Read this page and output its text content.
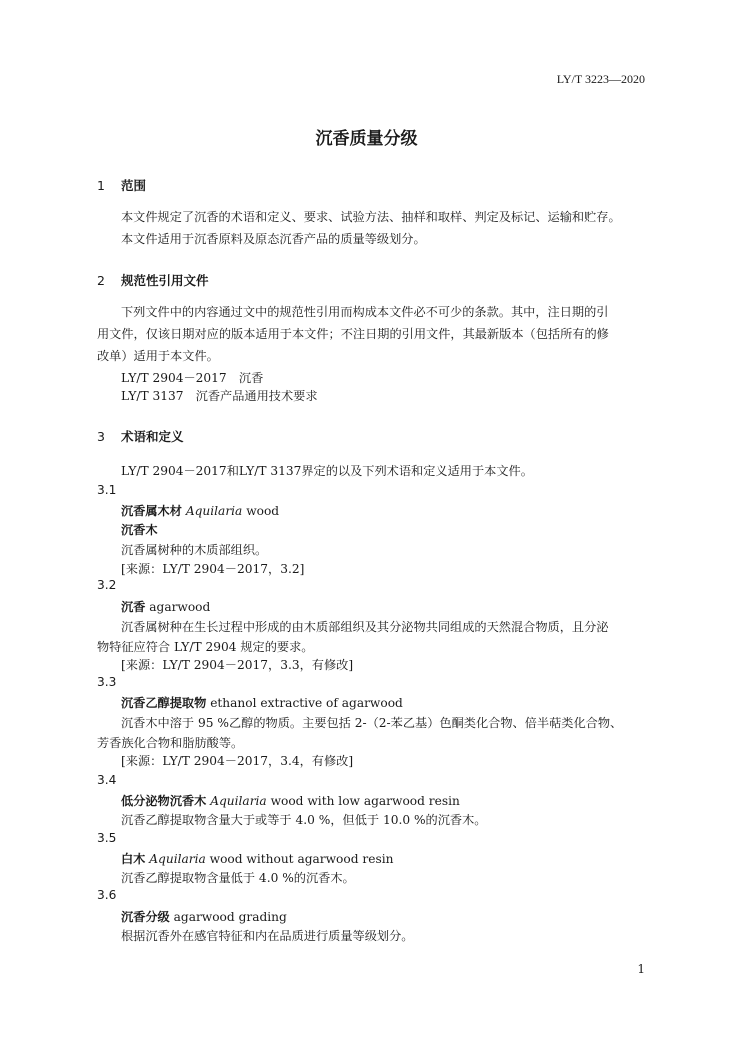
LY/T 3223—2020
沉香质量分级
1 范围
本文件规定了沉香的术语和定义、要求、试验方法、抽样和取样、判定及标记、运输和贮存。
本文件适用于沉香原料及原态沉香产品的质量等级划分。
2 规范性引用文件
下列文件中的内容通过文中的规范性引用而构成本文件必不可少的条款。其中，注日期的引
用文件，仅该日期对应的版本适用于本文件；不注日期的引用文件，其最新版本（包括所有的修
改单）适用于本文件。
LY/T 2904－2017　沉香
LY/T 3137　沉香产品通用技术要求
3 术语和定义
LY/T 2904－2017和LY/T 3137界定的以及下列术语和定义适用于本文件。
3.1
沉香属木材 Aquilaria wood
沉香木
沉香属树种的木质部组织。
[来源：LY/T 2904－2017，3.2]
3.2
沉香 agarwood
沉香属树种在生长过程中形成的由木质部组织及其分泌物共同组成的天然混合物质，且分泌
物特征应符合 LY/T 2904 规定的要求。
[来源：LY/T 2904－2017，3.3，有修改]
3.3
沉香乙醇提取物 ethanol extractive of agarwood
沉香木中溶于 95 %乙醇的物质。主要包括 2-（2-苯乙基）色酮类化合物、倍半萜类化合物、
芳香族化合物和脂肪酸等。
[来源：LY/T 2904－2017，3.4，有修改]
3.4
低分泌物沉香木 Aquilaria wood with low agarwood resin
沉香乙醇提取物含量大于或等于 4.0 %，但低于 10.0 %的沉香木。
3.5
白木 Aquilaria wood without agarwood resin
沉香乙醇提取物含量低于 4.0 %的沉香木。
3.6
沉香分级 agarwood grading
根据沉香外在感官特征和内在品质进行质量等级划分。
1
